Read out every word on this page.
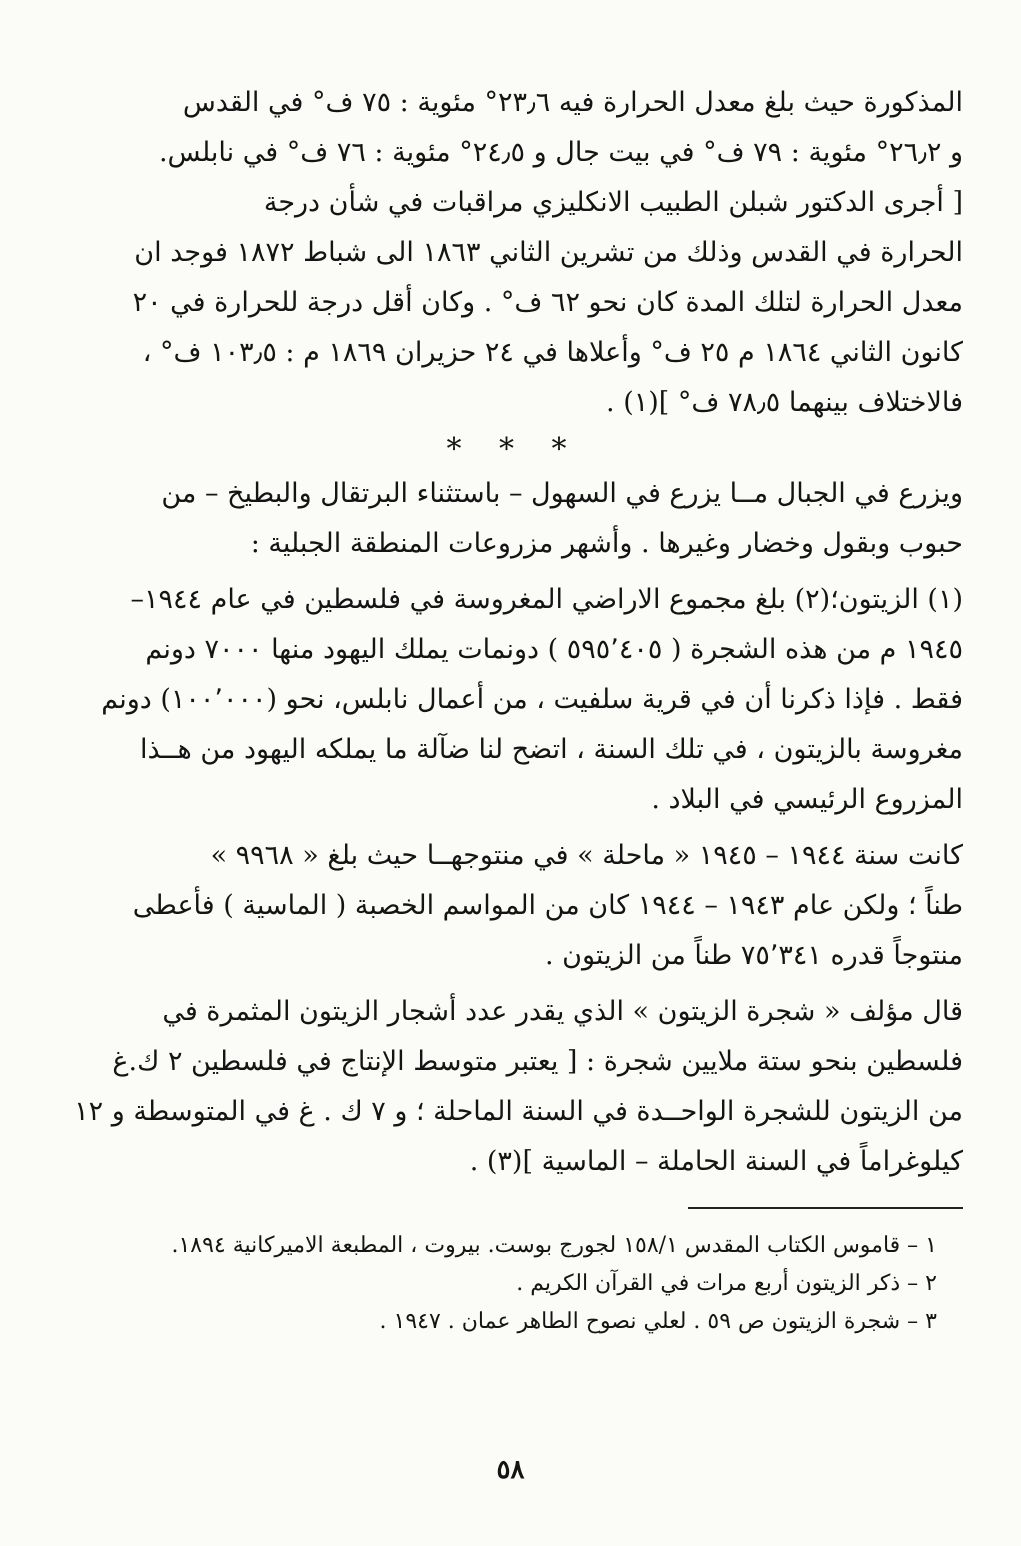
المذكورة حيث بلغ معدل الحرارة فيه ٢٣٫٦° مئوية : ٧٥ ف° في القدس
و ٢٦٫٢° مئوية : ٧٩ ف° في بيت جال و ٢٤٫٥° مئوية : ٧٦ ف° في نابلس.
[ أجرى الدكتور شبلن الطبيب الانكليزي مراقبات في شأن درجة
الحرارة في القدس وذلك من تشرين الثاني ١٨٦٣ الى شباط ١٨٧٢ فوجد ان
معدل الحرارة لتلك المدة كان نحو ٦٢ ف° . وكان أقل درجة للحرارة في ٢٠
كانون الثاني ١٨٦٤ م ٢٥ ف° وأعلاها في ٢٤ حزيران ١٨٦٩ م : ١٠٣٫٥ ف° ،
فالاختلاف بينهما ٧٨٫٥ ف° ](١) .
* * *
ويزرع في الجبال مــا يزرع في السهول – باستثناء البرتقال والبطيخ – من
حبوب وبقول وخضار وغيرها . وأشهر مزروعات المنطقة الجبلية :
(١) الزيتون؛(٢) بلغ مجموع الاراضي المغروسة في فلسطين في عام ١٩٤٤–
١٩٤٥ م من هذه الشجرة ( ٥٩٥٬٤٠٥ ) دونمات يملك اليهود منها ٧٠٠٠ دونم
فقط . فإذا ذكرنا أن في قرية سلفيت ، من أعمال نابلس، نحو (١٠٠٬٠٠٠) دونم
مغروسة بالزيتون ، في تلك السنة ، اتضح لنا ضآلة ما يملكه اليهود من هــذا
المزروع الرئيسي في البلاد .
كانت سنة ١٩٤٤ – ١٩٤٥ « ماحلة » في منتوجهــا حيث بلغ « ٩٩٦٨ »
طناً ؛ ولكن عام ١٩٤٣ – ١٩٤٤ كان من المواسم الخصبة ( الماسية ) فأعطى
منتوجاً قدره ٧٥٬٣٤١ طناً من الزيتون .
قال مؤلف « شجرة الزيتون » الذي يقدر عدد أشجار الزيتون المثمرة في
فلسطين بنحو ستة ملايين شجرة : [ يعتبر متوسط الإنتاج في فلسطين ٢ ك.غ
من الزيتون للشجرة الواحــدة في السنة الماحلة ؛ و ٧ ك . غ في المتوسطة و ١٢
كيلوغراماً في السنة الحاملة – الماسية ](٣) .
١ – قاموس الكتاب المقدس ١٥٨/١ لجورج بوست. بيروت ، المطبعة الاميركانية ١٨٩٤.
٢ – ذكر الزيتون أربع مرات في القرآن الكريم .
٣ – شجرة الزيتون ص ٥٩ . لعلي نصوح الطاهر عمان . ١٩٤٧ .
٥٨
